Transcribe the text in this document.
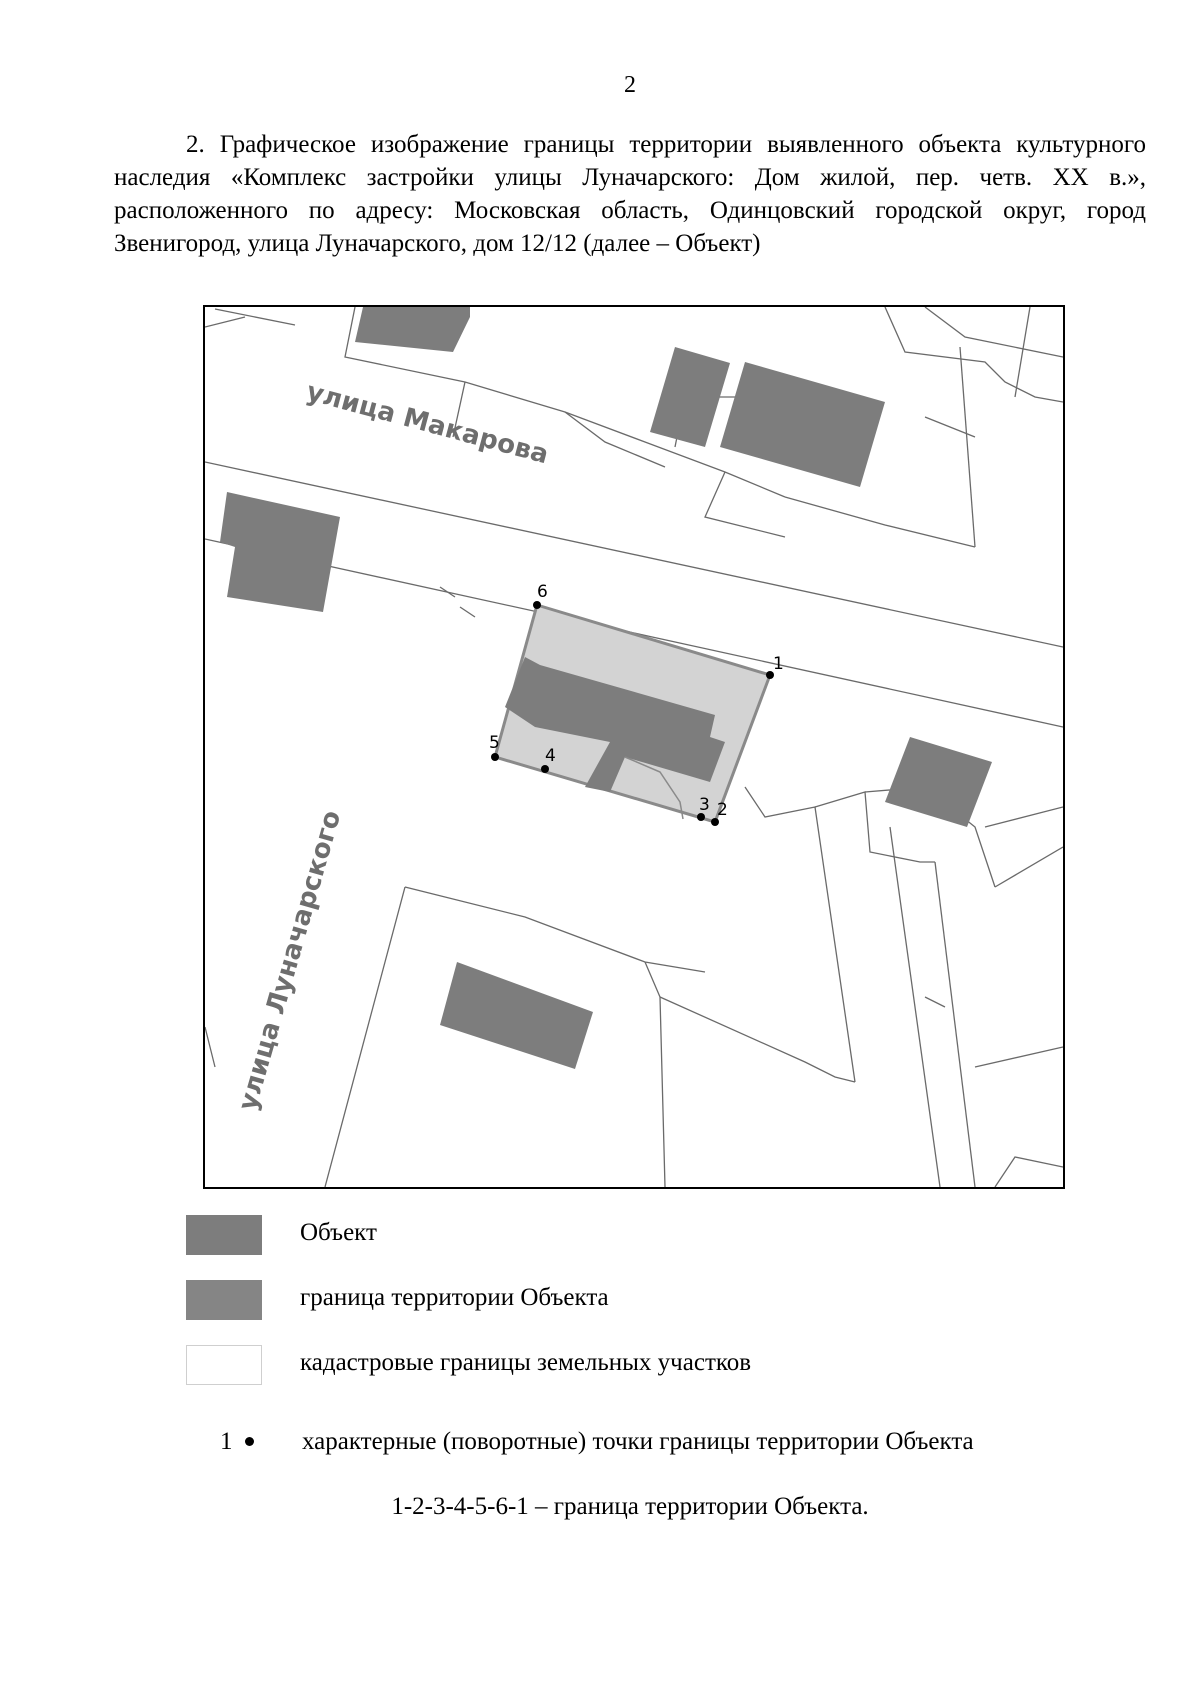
2
2. Графическое изображение границы территории выявленного объекта культурного наследия «Комплекс застройки улицы Луначарского: Дом жилой, пер. четв. XX в.», расположенного по адресу: Московская область, Одинцовский городской округ, город Звенигород, улица Луначарского, дом 12/12 (далее – Объект)
1
2
3
4
5
6
улица Макарова
улица Луначарского
Объект
граница территории Объекта
кадастровые границы земельных участков
1	характерные (поворотные) точки границы территории Объекта
1-2-3-4-5-6-1 – граница территории Объекта.
